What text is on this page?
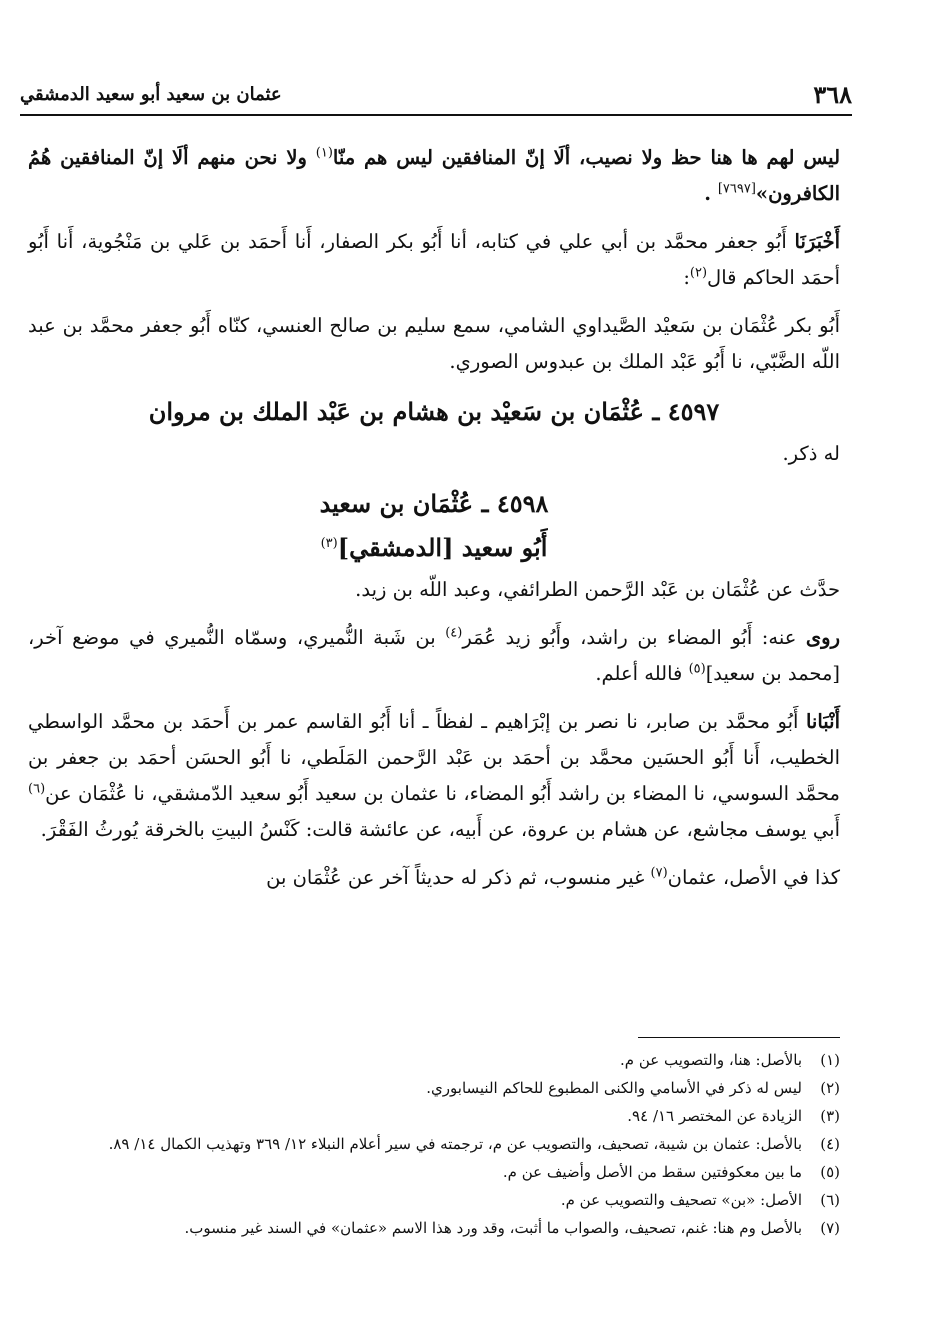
٣٦٨
عثمان بن سعيد أبو سعيد الدمشقي

ليس لهم ها هنا حظ ولا نصيب، ألَا إنّ المنافقين ليس هم منّا$^{(١)}$ ولا نحن منهم ألَا إنّ المنافقين هُمُ الكافرون»[٧٦٩٧] .

أَخْبَرَنَا أَبُو جعفر محمَّد بن أبي علي في كتابه، أنا أَبُو بكر الصفار، أَنا أَحمَد بن عَلي بن مَنْجُوية، أَنا أَبُو أحمَد الحاكم قال$^{(٢)}$:

أَبُو بكر عُثْمَان بن سَعيْد الصَّيداوي الشامي، سمع سليم بن صالح العنسي، كنّاه أَبُو جعفر محمَّد بن عبد اللّه الضَّبّي، نا أَبُو عَبْد الملك بن عبدوس الصوري.

٤٥٩٧ ـ عُثْمَان بن سَعيْد بن هشام بن عَبْد الملك بن مروان

له ذكر.

٤٥٩٨ ـ عُثْمَان بن سعيد
أَبُو سعيد [الدمشقي]$^{(٣)}$

حدَّث عن عُثْمَان بن عَبْد الرَّحمن الطرائفي، وعبد اللّه بن زيد.

روى عنه: أَبُو المضاء بن راشد، وأَبُو زيد عُمَر$^{(٤)}$ بن شَبة النُّميري، وسمّاه النُّميري في موضع آخر، [محمد بن سعيد]$^{(٥)}$ فالله أعلم.

أَنْبَانا أَبُو محمَّد بن صابر، نا نصر بن إبْرَاهيم ـ لفظاً ـ أنا أَبُو القاسم عمر بن أَحمَد بن محمَّد الواسطي الخطيب، أَنا أَبُو الحسَين محمَّد بن أحمَد بن عَبْد الرَّحمن المَلَطي، نا أَبُو الحسَن أحمَد بن جعفر بن محمَّد السوسي، نا المضاء بن راشد أَبُو المضاء، نا عثمان بن سعيد أَبُو سعيد الدّمشقي، نا عُثْمَان عن$^{(٦)}$ أَبي يوسف مجاشع، عن هشام بن عروة، عن أَبيه، عن عائشة قالت: كَنْسُ البيتِ بالخرقة يُورثُ الفَقْرَ.

كذا في الأصل، عثمان$^{(٧)}$ غير منسوب، ثم ذكر له حديثاً آخر عن عُثْمَان بن

(١)
بالأصل: هنا، والتصويب عن م.
(٢)
ليس له ذكر في الأسامي والكنى المطبوع للحاكم النيسابوري.
(٣)
الزيادة عن المختصر ١٦/ ٩٤.
(٤)
بالأصل: عثمان بن شيبة، تصحيف، والتصويب عن م، ترجمته في سير أعلام النبلاء ١٢/ ٣٦٩ وتهذيب الكمال ١٤/ ٨٩.
(٥)
ما بين معكوفتين سقط من الأصل وأضيف عن م.
(٦)
الأصل: «بن» تصحيف والتصويب عن م.
(٧)
بالأصل وم هنا: غنم، تصحيف، والصواب ما أثبت، وقد ورد هذا الاسم «عثمان» في السند غير منسوب.
